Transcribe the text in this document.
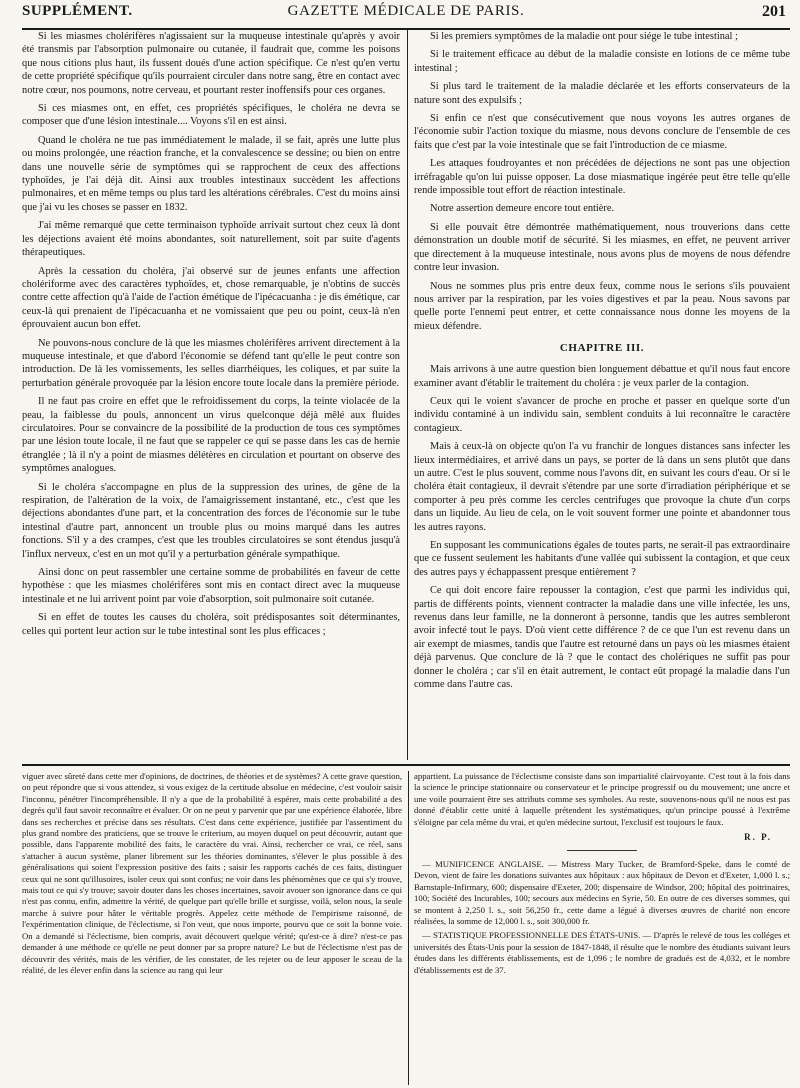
SUPPLÉMENT.	GAZETTE MÉDICALE DE PARIS.	201

Si les miasmes cholérifères n'agissaient sur la muqueuse intestinale qu'après y avoir été transmis par l'absorption pulmonaire ou cutanée, il faudrait que, comme les poisons que nous citions plus haut, ils fussent doués d'une action spécifique. Ce n'est qu'en vertu de cette propriété spécifique qu'ils pourraient circuler dans notre sang, être en contact avec notre cœur, nos poumons, notre cerveau, et pourtant rester inoffensifs pour ces organes.

Si ces miasmes ont, en effet, ces propriétés spécifiques, le choléra ne devra se composer que d'une lésion intestinale.... Voyons s'il en est ainsi.

Quand le choléra ne tue pas immédiatement le malade, il se fait, après une lutte plus ou moins prolongée, une réaction franche, et la convalescence se dessine; ou bien on entre dans une nouvelle série de symptômes qui se rapprochent de ceux des affections typhoïdes, je l'ai déjà dit. Ainsi aux troubles intestinaux succèdent les affections pulmonaires, et en même temps ou plus tard les altérations cérébrales. C'est du moins ainsi que j'ai vu les choses se passer en 1832.

J'ai même remarqué que cette terminaison typhoïde arrivait surtout chez ceux là dont les déjections avaient été moins abondantes, soit naturellement, soit par suite d'agents thérapeutiques.

Après la cessation du choléra, j'ai observé sur de jeunes enfants une affection cholériforme avec des caractères typhoïdes, et, chose remarquable, je n'obtins de succès contre cette affection qu'à l'aide de l'action émétique de l'ipécacuanha : je dis émétique, car ceux-là qui prenaient de l'ipécacuanha et ne vomissaient que peu ou point, ceux-là n'en éprouvaient aucun bon effet.

Ne pouvons-nous conclure de là que les miasmes cholérifères arrivent directement à la muqueuse intestinale, et que d'abord l'économie se défend tant qu'elle le peut contre son introduction. De là les vomissements, les selles diarrhéiques, les coliques, et par suite la perturbation générale provoquée par la lésion encore toute locale dans la première période.

Il ne faut pas croire en effet que le refroidissement du corps, la teinte violacée de la peau, la faiblesse du pouls, annoncent un virus quelconque déjà mêlé aux fluides circulatoires. Pour se convaincre de la possibilité de la production de tous ces symptômes par une lésion toute locale, il ne faut que se rappeler ce qui se passe dans les cas de hernie étranglée ; là il n'y a point de miasmes délétères en circulation et pourtant on observe des symptômes analogues.

Si le choléra s'accompagne en plus de la suppression des urines, de gêne de la respiration, de l'altération de la voix, de l'amaigrissement instantané, etc., c'est que les déjections abondantes d'une part, et la concentration des forces de l'économie sur le tube intestinal d'autre part, annoncent un trouble plus ou moins marqué dans les autres fonctions. S'il y a des crampes, c'est que les troubles circulatoires se sont étendus jusqu'à l'influx nerveux, c'est en un mot qu'il y a perturbation générale sympathique.

Ainsi donc on peut rassembler une certaine somme de probabilités en faveur de cette hypothèse : que les miasmes cholérifères sont mis en contact direct avec la muqueuse intestinale et ne lui arrivent point par voie d'absorption, soit pulmonaire soit cutanée.

Si en effet de toutes les causes du choléra, soit prédisposantes soit déterminantes, celles qui portent leur action sur le tube intestinal sont les plus efficaces ;

Si les premiers symptômes de la maladie ont pour siége le tube intestinal ;

Si le traitement efficace au début de la maladie consiste en lotions de ce même tube intestinal ;

Si plus tard le traitement de la maladie déclarée et les efforts conservateurs de la nature sont des expulsifs ;

Si enfin ce n'est que consécutivement que nous voyons les autres organes de l'économie subir l'action toxique du miasme, nous devons conclure de l'ensemble de ces faits que c'est par la voie intestinale que se fait l'introduction de ce miasme.

Les attaques foudroyantes et non précédées de déjections ne sont pas une objection irréfragable qu'on lui puisse opposer. La dose miasmatique ingérée peut être telle qu'elle rende impossible tout effort de réaction intestinale.

Notre assertion demeure encore tout entière.

Si elle pouvait être démontrée mathématiquement, nous trouverions dans cette démonstration un double motif de sécurité. Si les miasmes, en effet, ne peuvent arriver que directement à la muqueuse intestinale, nous avons plus de moyens de nous défendre contre leur invasion.

Nous ne sommes plus pris entre deux feux, comme nous le serions s'ils pouvaient nous arriver par la respiration, par les voies digestives et par la peau. Nous savons par quelle porte l'ennemi peut entrer, et cette connaissance nous donne les moyens de la mieux défendre.

CHAPITRE III.

Mais arrivons à une autre question bien longuement débattue et qu'il nous faut encore examiner avant d'établir le traitement du choléra : je veux parler de la contagion.

Ceux qui le voient s'avancer de proche en proche et passer en quelque sorte d'un individu contaminé à un individu sain, semblent conduits à lui reconnaître le caractère contagieux.

Mais à ceux-là on objecte qu'on l'a vu franchir de longues distances sans infecter les lieux intermédiaires, et arrivé dans un pays, se porter de là dans un sens plutôt que dans un autre. C'est le plus souvent, comme nous l'avons dit, en suivant les cours d'eau. Or si le choléra était contagieux, il devrait s'étendre par une sorte d'irradiation périphérique et se comporter à peu près comme les cercles centrifuges que provoque la chute d'un corps dans un liquide. Au lieu de cela, on le voit souvent former une pointe et abandonner tous les autres rayons.

En supposant les communications égales de toutes parts, ne serait-il pas extraordinaire que ce fussent seulement les habitants d'une vallée qui subissent la contagion, et que ceux des autres pays y échappassent presque entièrement ?

Ce qui doit encore faire repousser la contagion, c'est que parmi les individus qui, partis de différents points, viennent contracter la maladie dans une ville infectée, les uns, revenus dans leur famille, ne la donneront à personne, tandis que les autres sembleront avoir infecté tout le pays. D'où vient cette différence ? de ce que l'un est revenu dans un air exempt de miasmes, tandis que l'autre est retourné dans un pays où les miasmes étaient déjà parvenus. Que conclure de là ? que le contact des cholériques ne suffit pas pour donner le choléra ; car s'il en était autrement, le contact eût propagé la maladie dans l'un comme dans l'autre cas.

viguer avec sûreté dans cette mer d'opinions, de doctrines, de théories et de systèmes? A cette grave question, on peut répondre que si vous attendez, si vous exigez de la certitude absolue en médecine, c'est vouloir saisir l'inconnu, pénétrer l'incompréhensible. Il n'y a que de la probabilité à espérer, mais cette probabilité a des degrés qu'il faut savoir reconnaître et évaluer. Or on ne peut y parvenir que par une expérience élaborée, libre dans ses recherches et précise dans ses résultats. C'est dans cette expérience, justifiée par l'assentiment du plus grand nombre des praticiens, que se trouve le criterium, au moyen duquel on peut découvrir, autant que possible, dans l'apparente mobilité des faits, le caractère du vrai. Ainsi, rechercher ce vrai, ce réel, sans s'attacher à aucun système, planer librement sur les théories dominantes, s'élever le plus possible à des généralisations qui soient l'expression positive des faits ; saisir les rapports cachés de ces faits, distinguer ceux qui ne sont qu'illusoires, isoler ceux qui sont confus; ne voir dans les phénomènes que ce qui s'y trouve, mais tout ce qui s'y trouve; savoir douter dans les choses incertaines, savoir avouer son ignorance dans ce qui n'est pas connu, enfin, admettre la vérité, de quelque part qu'elle brille et surgisse, voilà, selon nous, la seule marche à suivre pour hâter le véritable progrès. Appelez cette méthode de l'empirisme raisonné, de l'expérimentation clinique, de l'éclectisme, si l'on veut, que nous importe, pourvu que ce soit la bonne voie. On a demandé si l'éclectisme, bien compris, avait découvert quelque vérité; qu'est-ce à dire? n'est-ce pas demander à une méthode ce qu'elle ne peut donner par sa propre nature? Le but de l'éclectisme n'est pas de découvrir des vérités, mais de les vérifier, de les constater, de les rejeter ou de leur apposer le sceau de la réalité, de les élever enfin dans la science au rang qui leur

appartient. La puissance de l'éclectisme consiste dans son impartialité clairvoyante. C'est tout à la fois dans la science le principe stationnaire ou conservateur et le principe progressif ou du mouvement; une ancre et une voile pourraient être ses attributs comme ses symboles. Au reste, souvenons-nous qu'il ne nous est pas donné d'établir cette unité à laquelle prétendent les systématiques, qu'un principe poussé à l'extrême s'éloigne par cela même du vrai, et qu'en médecine surtout, l'exclusif est toujours le faux.

R. P.

— MUNIFICENCE ANGLAISE. — Mistress Mary Tucker, de Bramford-Speke, dans le comté de Devon, vient de faire les donations suivantes aux hôpitaux : aux hôpitaux de Devon et d'Exeter, 1,000 l. s.; Barnstaple-Infirmary, 600; dispensaire d'Exeter, 200; dispensaire de Windsor, 200; hôpital des poitrinaires, 100; Société des Incurables, 100; secours aux médecins en Syrie, 50. En outre de ces diverses sommes, qui se montent à 2,250 l. s., soit 56,250 fr., cette dame a légué à diverses œuvres de charité non encore réalisées, la somme de 12,000 l. s., soit 300,000 fr.

— STATISTIQUE PROFESSIONNELLE DES ÉTATS-UNIS. — D'après le relevé de tous les colléges et universités des États-Unis pour la session de 1847-1848, il résulte que le nombre des étudiants suivant leurs études dans les différents établissements, est de 1,096 ; le nombre de gradués est de 4,032, et le nombre d'établissements est de 37.
